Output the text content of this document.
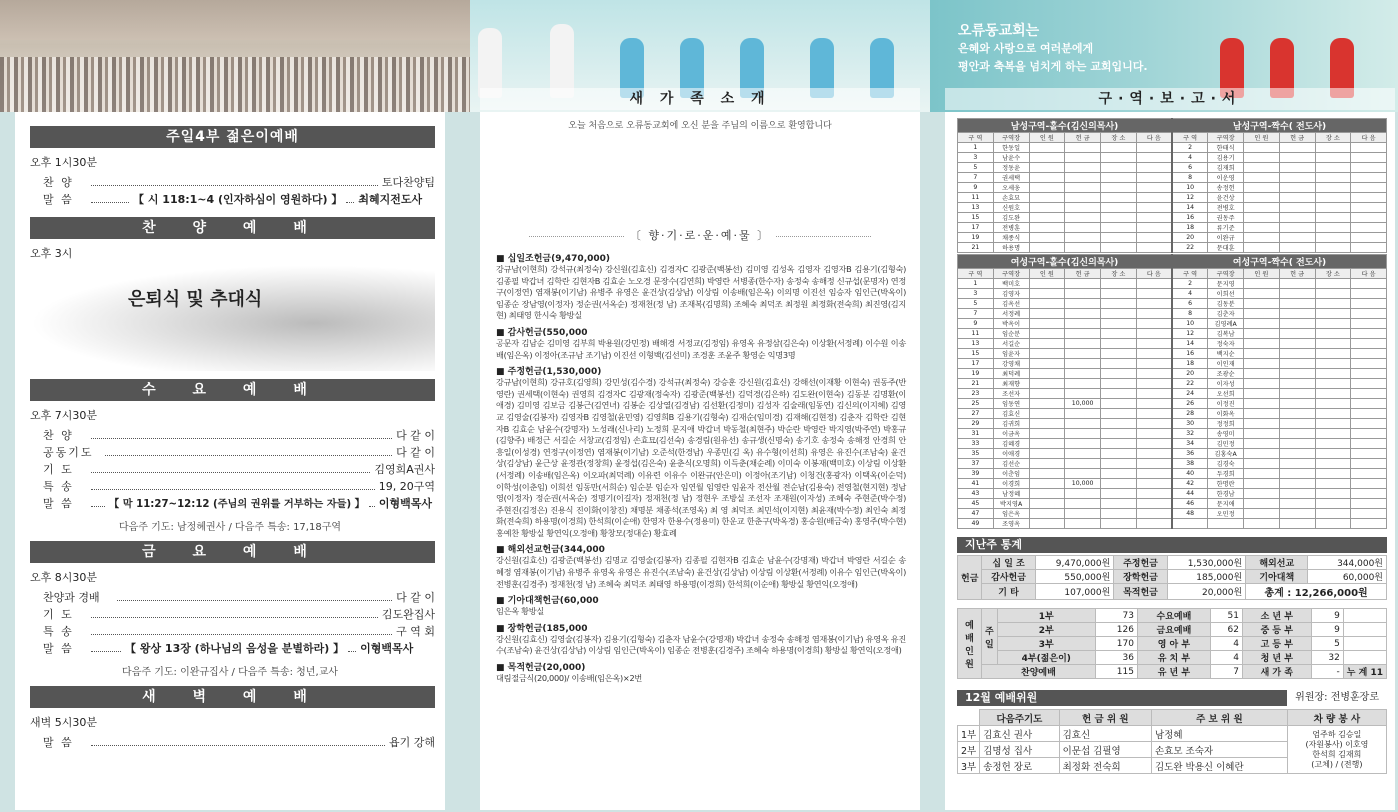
오류동교회는
은혜와 사랑으로 여러분에게
평안과 축복을 넘치게 하는 교회입니다.
새 가 족 소 개	구·역·보·고·서
주일4부 젊은이예배
오후 1시30분
찬 양	토다찬양팀
말 씀	【 시 118:1~4 (인자하심이 영원하다) 】 최혜지전도사
찬 양 예 배
오후 3시
은퇴식 및 추대식
수 요 예 배
오후 7시30분
찬 양	다 같 이
공동기도	다 같 이
기 도	김영희A권사
특 송	19, 20구역
말 씀	【 막 11:27~12:12 (주님의 권위를 거부하는 자들) 】 이형백목사
다음주 기도: 남정혜권사 / 다음주 특송: 17,18구역
금 요 예 배
오후 8시30분
찬양과 경배	다 같 이
기 도	김도완집사
특 송	구 역 회
말 씀	【 왕상 13장 (하나님의 음성을 분별하라) 】 이형백목사
다음주 기도: 이완규집사 / 다음주 특송: 청년,교사
새 벽 예 배
새벽 5시30분
말 씀	욥기 강해
오늘 처음으로 오류동교회에 오신 분을 주님의 이름으로 환영합니다
〔 향·기·로·운·예·물 〕
■ 십일조헌금(9,470,000)

강규남(이현희) 강석규(최정숙) 강신원(김효신) 김경자C 김광준(백봉선) 김미영 김성옥 김영자 김영자B 김용기(김형숙) 김종필 박갑녀 김학란 김현자B 김효순 노오경 문장수(김연희) 박영란 서병종(한수자) 송정숙 송해정 신규섭(문명자) 연정구(이정연) 염재봉(이기남) 유병주 유영은 윤건상(김상남) 이상림 이송배(임은옥) 이의명 이진선 임승자 임인근(박옥이) 임종순 장남영(이정자) 정순권(서옥순) 정재천(정 남) 조재복(김명희) 조혜숙 최덕조 최정원 최정화(전숙희) 최진영(김지현) 최태영 한시숙 황방실

■ 감사헌금(550,000

공문자 김남순 김미영 김부희 박용원(강민정) 배해경 서정교(김정임) 유영옥 유정삼(김은숙) 이상환(서정례) 이수원 이송배(임은옥) 이정아(조규남 조기남) 이진선 이형백(김선미) 조경훈 조윤주 황영순 익명3명

■ 주정헌금(1,530,000)

강규남(이현희) 강규호(김영희) 강민성(김수경) 강석규(최정숙) 강승훈 강신원(김효신) 강해선(이재황 이현숙) 권동주(반영란) 권세택(이현숙) 권영희 김경자C 김광재(정숙자) 김광준(백봉선) 김덕경(김은하) 김도완(이현숙) 김동분 김명환(이애경) 김미영 김보금 김봉근(김연녀) 김봉순 김상열(김경남) 김선환(김정미) 김성자 김술래(임동연) 김신의(이지혜) 김영교 김영술(김봉자) 김영자B 김영철(윤민영) 김영희B 김용기(김형숙) 김재순(임미경) 김재해(김현정) 김춘자 김학란 김현자B 김효순 남윤수(강명자) 노성래(신나리) 노정희 문지애 박갑녀 박동철(최현주) 박순란 박영란 박지영(박주연) 박홍규(김향주) 배정근 서길순 서창교(김정임) 손효묘(김선숙) 송경림(원유선) 송규생(신명숙) 송기호 송정숙 송해정 안경희 안흥일(이성경) 연정구(이정연) 염재봉(이기남) 오준석(한경남) 우종민(김 옥) 유수형(이선희) 유영은 유진수(조남숙) 윤건상(김상남) 윤근상 윤정관(정창희) 윤정섭(김은숙) 윤춘식(오명희) 이득춘(채순례) 이미숙 이봉재(백미호) 이상림 이상환(서정례) 이송배(임은옥) 이오파(최덕례) 이유련 이유수 이완규(안은미) 이정아(조기남) 이청건(홍광자) 이택옥(이순덕) 이학성(이춘임) 이희선 임동만(서희순) 임순분 임순자 임연월 임영란 임윤자 전산월 전순남(김용숙) 전영철(현지현) 정남영(이정자) 정순권(서옥순) 정명기(이길자) 정재천(정 남) 정현우 조방실 조선자 조재원(이자성) 조혜숙 주현준(박수정) 주현진(김정은) 진용식 진이화(이창진) 채명분 채종석(조영옥) 최 영 최덕조 최민석(이지현) 최윤재(박수정) 최인숙 최정화(전숙희) 하용명(이경희) 한석희(이순애) 한영자 한용수(정용미) 한운교 한춘구(박옥경) 홍승원(배금숙) 홍영주(박수현) 홍예찬 황방실 황연익(오정애) 황창모(정대순) 황효례

■ 해외선교헌금(344,000

강신원(김효신) 김광준(백봉선) 김명교 김영술(김봉자) 김종필 김현자B 김효순 남윤수(강명재) 박갑녀 박영란 서길순 송혜정 염재봉(이기남) 유병주 유영옥 유영은 유진수(조남숙) 윤건상(김상남) 이상림 이상환(서정례) 이유수 임인근(박옥이) 전병훈(김경주) 정재천(정 남) 조혜숙 최덕조 최태영 하용명(이경희) 한석희(이순애) 황방실 황연익(오정애)

■ 기아대책헌금(60,000

임은옥 황방실

■ 장학헌금(185,000

강신원(김효신) 김영술(김봉자) 김용기(김형숙) 김춘자 남윤수(강명재) 박갑녀 송정숙 송해정 염재봉(이기남) 유영옥 유진수(조남숙) 윤건상(김상남) 이상림 임인근(박옥이) 임종순 전병훈(김경주) 조혜숙 하용명(이경희) 황방실 황연익(오정애)

■ 목적헌금(20,000)

대림절금식(20,000)/ 이송배(임은옥)×2번

남성구역-홀수(김신의목사)						남성구역-짝수( 전도사)					
구 역	구역장	인 원	헌 금	장 소	다 음	구 역	구역장	인 원	헌 금	장 소	다 음
1	한동일					2	한태식				
3	남윤수					4	김용기				
5	정동윤					6	김재희				
7	권세택					8	이운영				
9	오세웅					10	송정헌				
11	손효묘					12	윤건상				
13	신원호					14	전병호				
15	김도완					16	권동주				
17	전병훈					18	류기준				
19	채종식					20	이완규				
21	하용명					22	문대훈				
여성구역-홀수(김신의목사)						여성구역-짝수( 전도사)					
구 역	구역장	인 원	헌 금	장 소	다 음	구 역	구역장	인 원	헌 금	장 소	다 음
1	백미호					2	문지영				
3	김영자					4	이희선				
5	김옥선					6	김동분				
7	서정례					8	김춘자				
9	박옥이					10	김영례A				
11	임순분					12	김복남				
13	서길순					14	정숙자				
15	임윤자					16	백지순				
17	강영채					18	이인재				
19	최덕례					20	조광순				
21	최재향					22	이자성				
23	조선자					24	오선희				
25	임동연		10,000			26	이정진				
27	김효신					28	이화옥				
29	김귀희					30	정정희				
31	이금옥					32	송영미				
33	김혜경					34	김민정				
35	이애경					36	김홍숙A				
37	김선순					38	김경숙				
39	이춘임					40	두경희				
41	이경희		10,000			42	한명란				
43	남정혜					44	한경남				
45	박지영A					46	문지애				
47	임은옥					48	오민정				
49	조영옥										
지난주 통계
헌금	십 일 조	9,470,000원	주정헌금	1,530,000원	해외선교	344,000원
	감사헌금	550,000원	장학헌금	185,000원	기아대책	60,000원
	기 타	107,000원	목적헌금	20,000원	총계 : 12,266,000원	
예배인원	주일	1부	73	수요예배	51	소 년 부	9	
		2부	126	금요예배	62	중 등 부	9	
		3부	170	영 아 부	4	고 등 부	5	
		4부(젊은이)	36	유 치 부	4	청 년 부	32	
	찬양예배		115	유 년 부	7	새 가 족	-	누 계 11
12월 예배위원	위원장: 전병훈장로
	다음주기도	헌 금 위 원	주 보 위 원	차 량 봉 사
1부	김효신 권사	김효신	남정혜	엄주하 김승일
(자원봉사) 이호영
한석희 김재희
(고체) / (전행)

2부	김명성 집사	이문섭 김필영	손효모 조숙자	
3부	송정헌 장로	최정화 전숙희	김도완 박용신 이혜란	
